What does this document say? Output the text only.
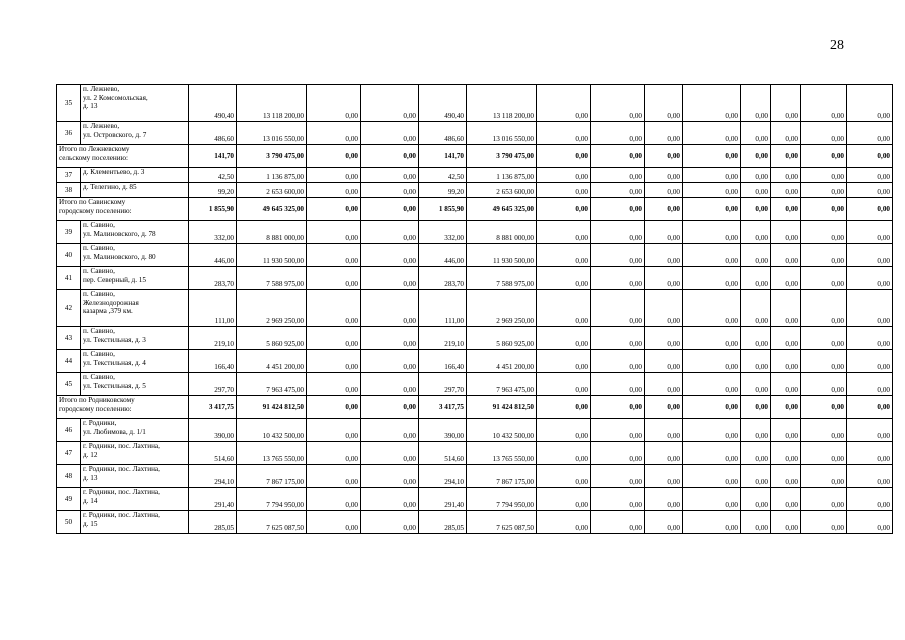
28
35	п. Лежнево,
ул. 2 Комсомольская,
д. 13	490,40	13 118 200,00	0,00	0,00	490,40	13 118 200,00	0,00	0,00	0,00	0,00	0,00	0,00	0,00	0,00
36	п. Лежнево,
ул. Островского, д. 7	486,60	13 016 550,00	0,00	0,00	486,60	13 016 550,00	0,00	0,00	0,00	0,00	0,00	0,00	0,00	0,00

Итого по Лежневскому
сельскому поселению:		141,70	3 790 475,00	0,00	0,00	141,70	3 790 475,00	0,00	0,00	0,00	0,00	0,00	0,00	0,00	0,00
37	д. Клементьево, д. 3	42,50	1 136 875,00	0,00	0,00	42,50	1 136 875,00	0,00	0,00	0,00	0,00	0,00	0,00	0,00	0,00
38	д. Телегино, д. 85	99,20	2 653 600,00	0,00	0,00	99,20	2 653 600,00	0,00	0,00	0,00	0,00	0,00	0,00	0,00	0,00

Итого по Савинскому
городскому поселению:		1 855,90	49 645 325,00	0,00	0,00	1 855,90	49 645 325,00	0,00	0,00	0,00	0,00	0,00	0,00	0,00	0,00
39	п. Савино,
ул. Малиновского, д. 78	332,00	8 881 000,00	0,00	0,00	332,00	8 881 000,00	0,00	0,00	0,00	0,00	0,00	0,00	0,00	0,00
40	п. Савино,
ул. Малиновского, д. 80	446,00	11 930 500,00	0,00	0,00	446,00	11 930 500,00	0,00	0,00	0,00	0,00	0,00	0,00	0,00	0,00
41	п. Савино,
пер. Северный, д. 15	283,70	7 588 975,00	0,00	0,00	283,70	7 588 975,00	0,00	0,00	0,00	0,00	0,00	0,00	0,00	0,00
42	п. Савино,
Железнодорожная
казарма ,379 км.	111,00	2 969 250,00	0,00	0,00	111,00	2 969 250,00	0,00	0,00	0,00	0,00	0,00	0,00	0,00	0,00
43	п. Савино,
ул. Текстильная, д. 3	219,10	5 860 925,00	0,00	0,00	219,10	5 860 925,00	0,00	0,00	0,00	0,00	0,00	0,00	0,00	0,00
44	п. Савино,
ул. Текстильная, д. 4	166,40	4 451 200,00	0,00	0,00	166,40	4 451 200,00	0,00	0,00	0,00	0,00	0,00	0,00	0,00	0,00
45	п. Савино,
ул. Текстильная, д. 5	297,70	7 963 475,00	0,00	0,00	297,70	7 963 475,00	0,00	0,00	0,00	0,00	0,00	0,00	0,00	0,00

Итого по Родниковскому
городскому поселению:		3 417,75	91 424 812,50	0,00	0,00	3 417,75	91 424 812,50	0,00	0,00	0,00	0,00	0,00	0,00	0,00	0,00
46	г. Родники,
ул. Любимова, д. 1/1	390,00	10 432 500,00	0,00	0,00	390,00	10 432 500,00	0,00	0,00	0,00	0,00	0,00	0,00	0,00	0,00
47	г. Родники, пос. Лахтина,
д. 12	514,60	13 765 550,00	0,00	0,00	514,60	13 765 550,00	0,00	0,00	0,00	0,00	0,00	0,00	0,00	0,00
48	г. Родники, пос. Лахтина,
д. 13	294,10	7 867 175,00	0,00	0,00	294,10	7 867 175,00	0,00	0,00	0,00	0,00	0,00	0,00	0,00	0,00
49	г. Родники, пос. Лахтина,
д. 14	291,40	7 794 950,00	0,00	0,00	291,40	7 794 950,00	0,00	0,00	0,00	0,00	0,00	0,00	0,00	0,00
50	г. Родники, пос. Лахтина,
д. 15	285,05	7 625 087,50	0,00	0,00	285,05	7 625 087,50	0,00	0,00	0,00	0,00	0,00	0,00	0,00	0,00
